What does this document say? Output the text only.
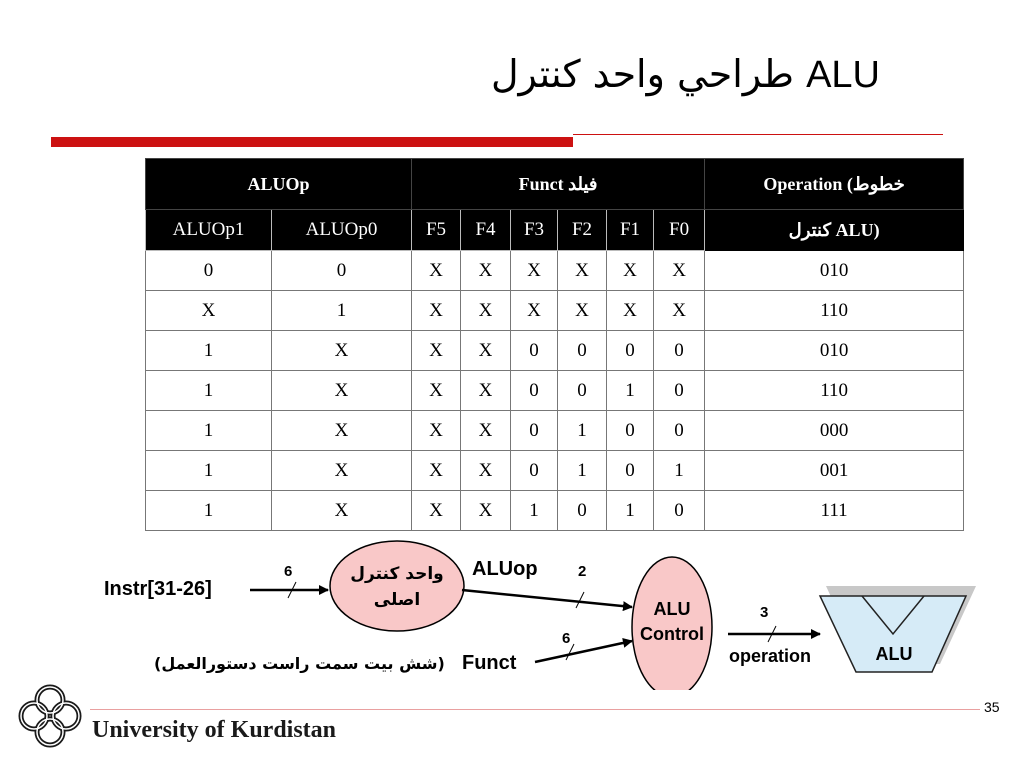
طراحي واحد كنترل ALU
ALUOp		Funct فيلد						Operation (خطوط
ALUOp1	ALUOp0	F5	F4	F3	F2	F1	F0	كنترل ALU)
0	0	X	X	X	X	X	X	010
X	1	X	X	X	X	X	X	110
1	X	X	X	0	0	0	0	010
1	X	X	X	0	0	1	0	110
1	X	X	X	0	1	0	0	000
1	X	X	X	0	1	0	1	001
1	X	X	X	1	0	1	0	111
Instr[31-26]
6	واحد کنترل
اصلی
ALUop	2
ALU
Control
Funct
(شش بيت سمت راست دستورالعمل)
6
3
operation	ALU
University of Kurdistan
35
